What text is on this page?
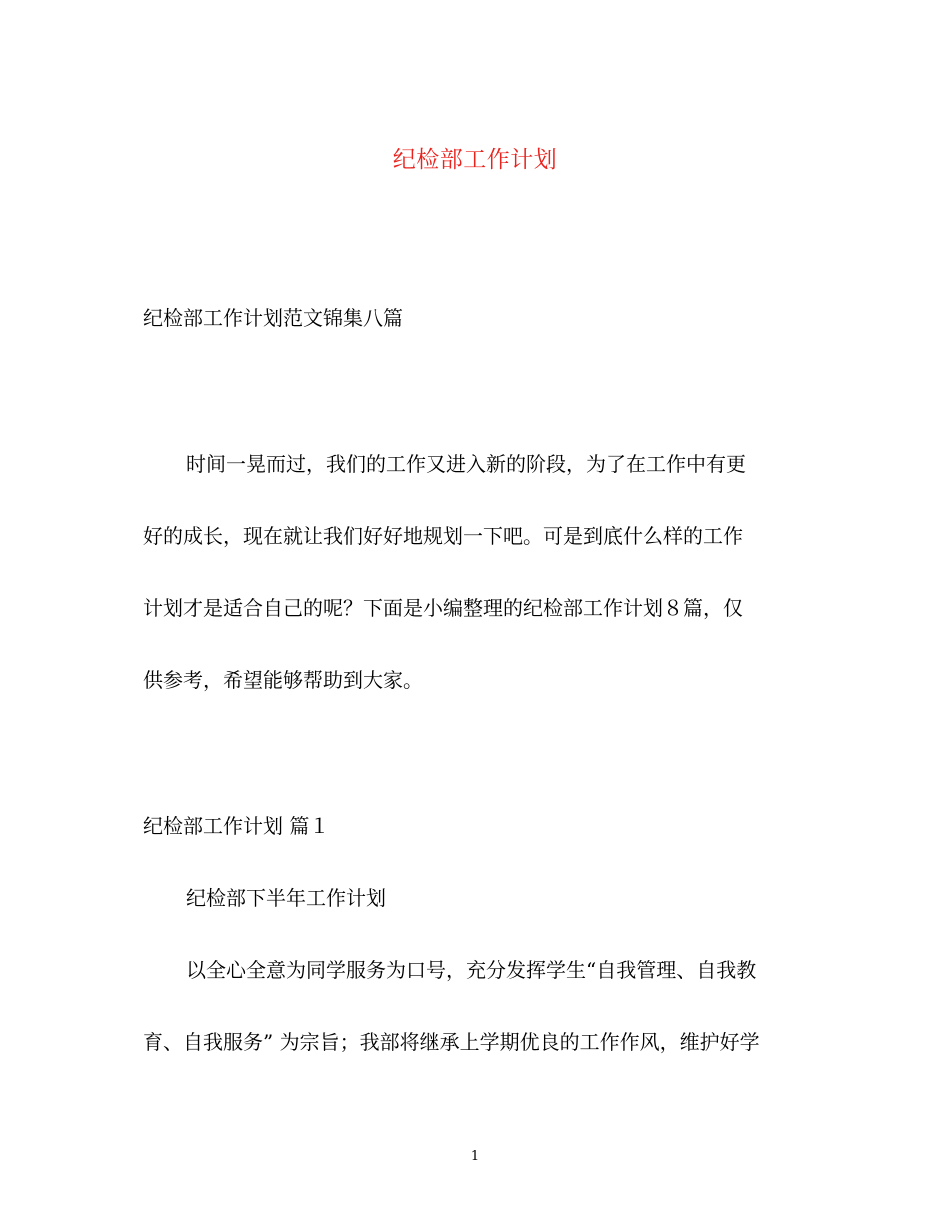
纪检部工作计划
纪检部工作计划范文锦集八篇
时间一晃而过，我们的工作又进入新的阶段，为了在工作中有更
好的成长，现在就让我们好好地规划一下吧。可是到底什么样的工作
计划才是适合自己的呢？下面是小编整理的纪检部工作计划８篇，仅
供参考，希望能够帮助到大家。
纪检部工作计划 篇１
纪检部下半年工作计划
以全心全意为同学服务为口号，充分发挥学生“自我管理、自我教
育、自我服务” 为宗旨；我部将继承上学期优良的工作作风，维护好学
1
